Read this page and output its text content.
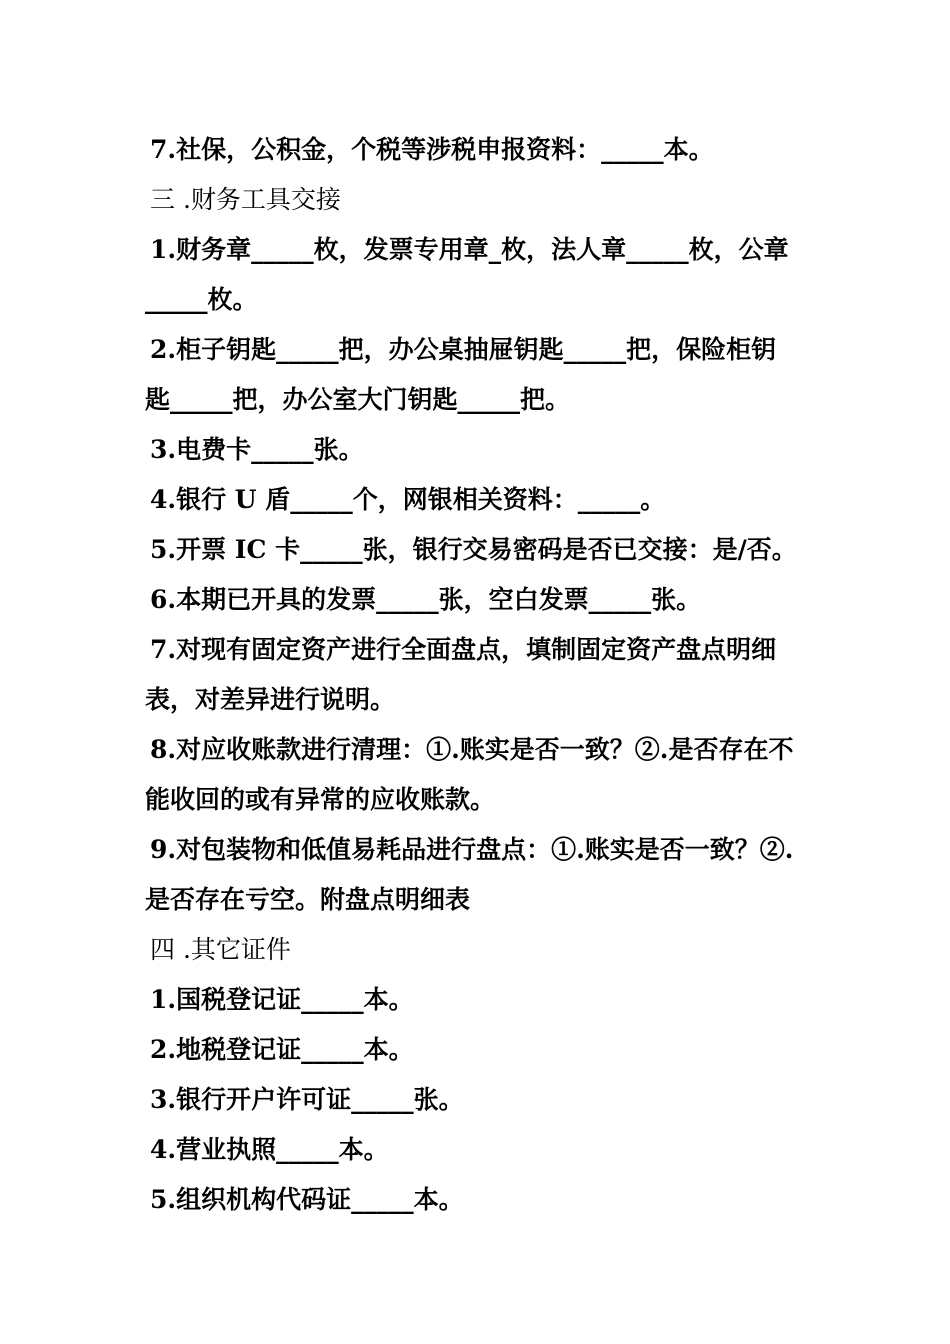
7.社保，公积金，个税等涉税申报资料：_____本。
三 .财务工具交接
1.财务章_____枚，发票专用章_枚，法人章_____枚，公章
_____枚。
2.柜子钥匙_____把，办公桌抽屉钥匙_____把，保险柜钥
匙_____把，办公室大门钥匙_____把。
3.电费卡_____张。
4.银行 U 盾_____个，网银相关资料：_____。
5.开票 IC 卡_____张，银行交易密码是否已交接：是/否。
6.本期已开具的发票_____张，空白发票_____张。
7.对现有固定资产进行全面盘点，填制固定资产盘点明细
表，对差异进行说明。
8.对应收账款进行清理：①.账实是否一致？②.是否存在不
能收回的或有异常的应收账款。
9.对包装物和低值易耗品进行盘点：①.账实是否一致？②.
是否存在亏空。附盘点明细表
四 .其它证件
1.国税登记证_____本。
2.地税登记证_____本。
3.银行开户许可证_____张。
4.营业执照_____本。
5.组织机构代码证_____本。
